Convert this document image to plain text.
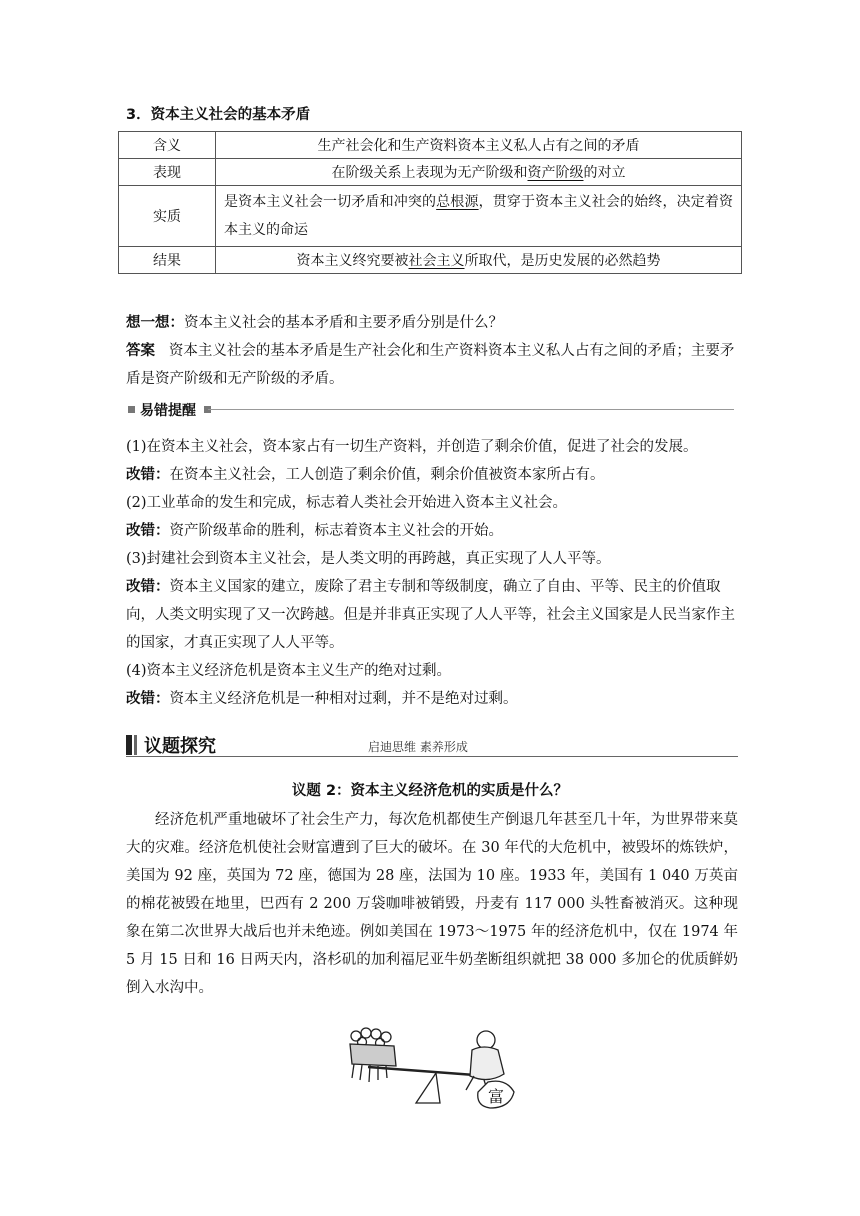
3．资本主义社会的基本矛盾
含义	生产社会化和生产资料资本主义私人占有之间的矛盾
表现	在阶级关系上表现为无产阶级和资产阶级的对立
实质	是资本主义社会一切矛盾和冲突的总根源，贯穿于资本主义社会的始终，决定着资本主义的命运
结果	资本主义终究要被社会主义所取代，是历史发展的必然趋势
想一想：资本主义社会的基本矛盾和主要矛盾分别是什么？
答案 资本主义社会的基本矛盾是生产社会化和生产资料资本主义私人占有之间的矛盾；主要矛盾是资产阶级和无产阶级的矛盾。
易错提醒
(1)在资本主义社会，资本家占有一切生产资料，并创造了剩余价值，促进了社会的发展。
改错：在资本主义社会，工人创造了剩余价值，剩余价值被资本家所占有。
(2)工业革命的发生和完成，标志着人类社会开始进入资本主义社会。
改错：资产阶级革命的胜利，标志着资本主义社会的开始。
(3)封建社会到资本主义社会，是人类文明的再跨越，真正实现了人人平等。
改错：资本主义国家的建立，废除了君主专制和等级制度，确立了自由、平等、民主的价值取向，人类文明实现了又一次跨越。但是并非真正实现了人人平等，社会主义国家是人民当家作主的国家，才真正实现了人人平等。
(4)资本主义经济危机是资本主义生产的绝对过剩。
改错：资本主义经济危机是一种相对过剩，并不是绝对过剩。
议题探究	启迪思维 素养形成
议题 2：资本主义经济危机的实质是什么？
经济危机严重地破坏了社会生产力，每次危机都使生产倒退几年甚至几十年，为世界带来莫大的灾难。经济危机使社会财富遭到了巨大的破坏。在 30 年代的大危机中，被毁坏的炼铁炉，美国为 92 座，英国为 72 座，德国为 28 座，法国为 10 座。1933 年，美国有 1 040 万英亩的棉花被毁在地里，巴西有 2 200 万袋咖啡被销毁，丹麦有 117 000 头牲畜被消灭。这种现象在第二次世界大战后也并未绝迹。例如美国在 1973～1975 年的经济危机中，仅在 1974 年 5 月 15 日和 16 日两天内，洛杉矶的加利福尼亚牛奶垄断组织就把 38 000 多加仑的优质鲜奶倒入水沟中。
富
